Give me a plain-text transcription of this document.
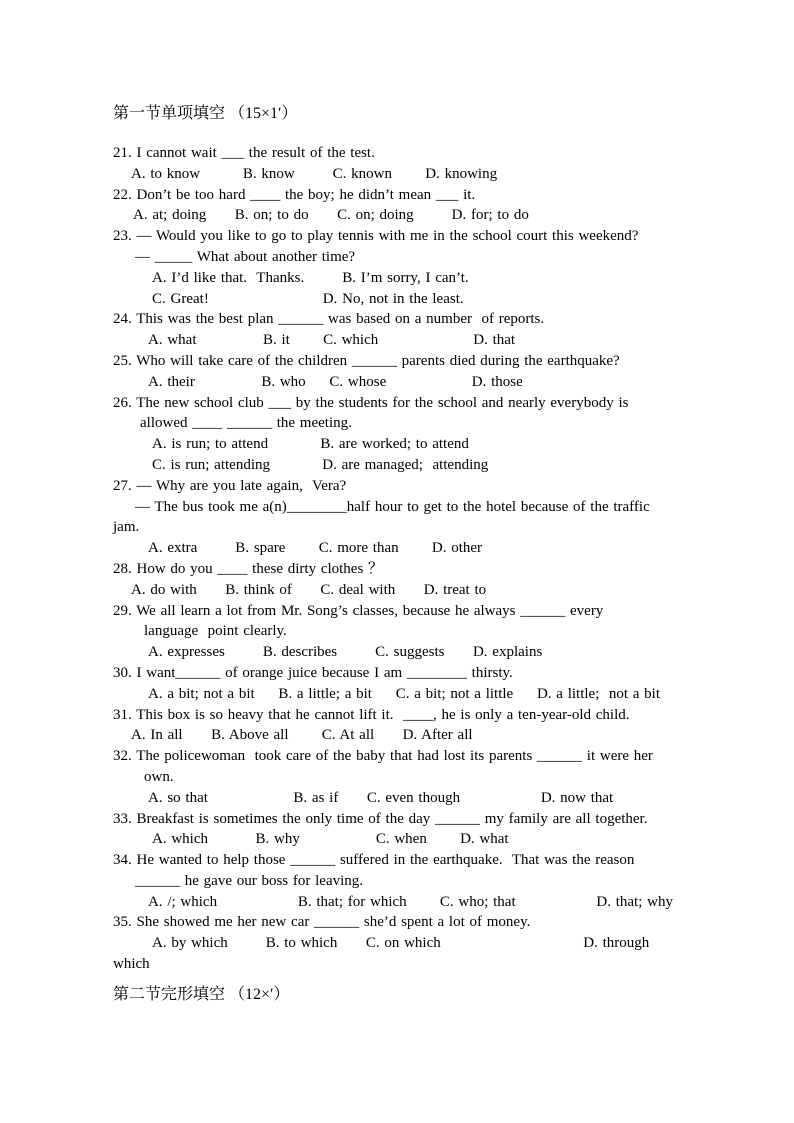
第一节单项填空 （15×1′）
21. I cannot wait ___ the result of the test.
A. to know         B. know        C. known       D. knowing
22. Don’t be too hard ____ the boy; he didn’t mean ___ it.
A. at; doing      B. on; to do      C. on; doing        D. for; to do
23. — Would you like to go to play tennis with me in the school court this weekend?
— _____ What about another time?
A. I’d like that.  Thanks.        B. I’m sorry, I can’t.
C. Great!                        D. No, not in the least.
24. This was the best plan ______ was based on a number  of reports.
A. what              B. it       C. which                    D. that
25. Who will take care of the children ______ parents died during the earthquake?
A. their              B. who     C. whose                  D. those
26. The new school club ___ by the students for the school and nearly everybody is
allowed ____ ______ the meeting.
A. is run; to attend           B. are worked; to attend
C. is run; attending           D. are managed;  attending
27. — Why are you late again,  Vera?
— The bus took me a(n)________half hour to get to the hotel because of the traffic
jam.
A. extra        B. spare       C. more than       D. other
28. How do you ____ these dirty clothes ？
A. do with      B. think of      C. deal with      D. treat to
29. We all learn a lot from Mr. Song’s classes, because he always ______ every
language  point clearly.
A. expresses        B. describes        C. suggests      D. explains
30. I want______ of orange juice because I am ________ thirsty.
A. a bit; not a bit     B. a little; a bit     C. a bit; not a little     D. a little;  not a bit
31. This box is so heavy that he cannot lift it.  ____, he is only a ten-year-old child.
A. In all      B. Above all       C. At all      D. After all
32. The policewoman  took care of the baby that had lost its parents ______ it were her
own.
A. so that                  B. as if      C. even though                 D. now that
33. Breakfast is sometimes the only time of the day ______ my family are all together.
A. which          B. why                C. when       D. what
34. He wanted to help those ______ suffered in the earthquake.  That was the reason
______ he gave our boss for leaving.
A. /; which                 B. that; for which       C. who; that                 D. that; why
35. She showed me her new car ______ she’d spent a lot of money.
A. by which        B. to which      C. on which                              D. through
which
第二节完形填空 （12×′）
